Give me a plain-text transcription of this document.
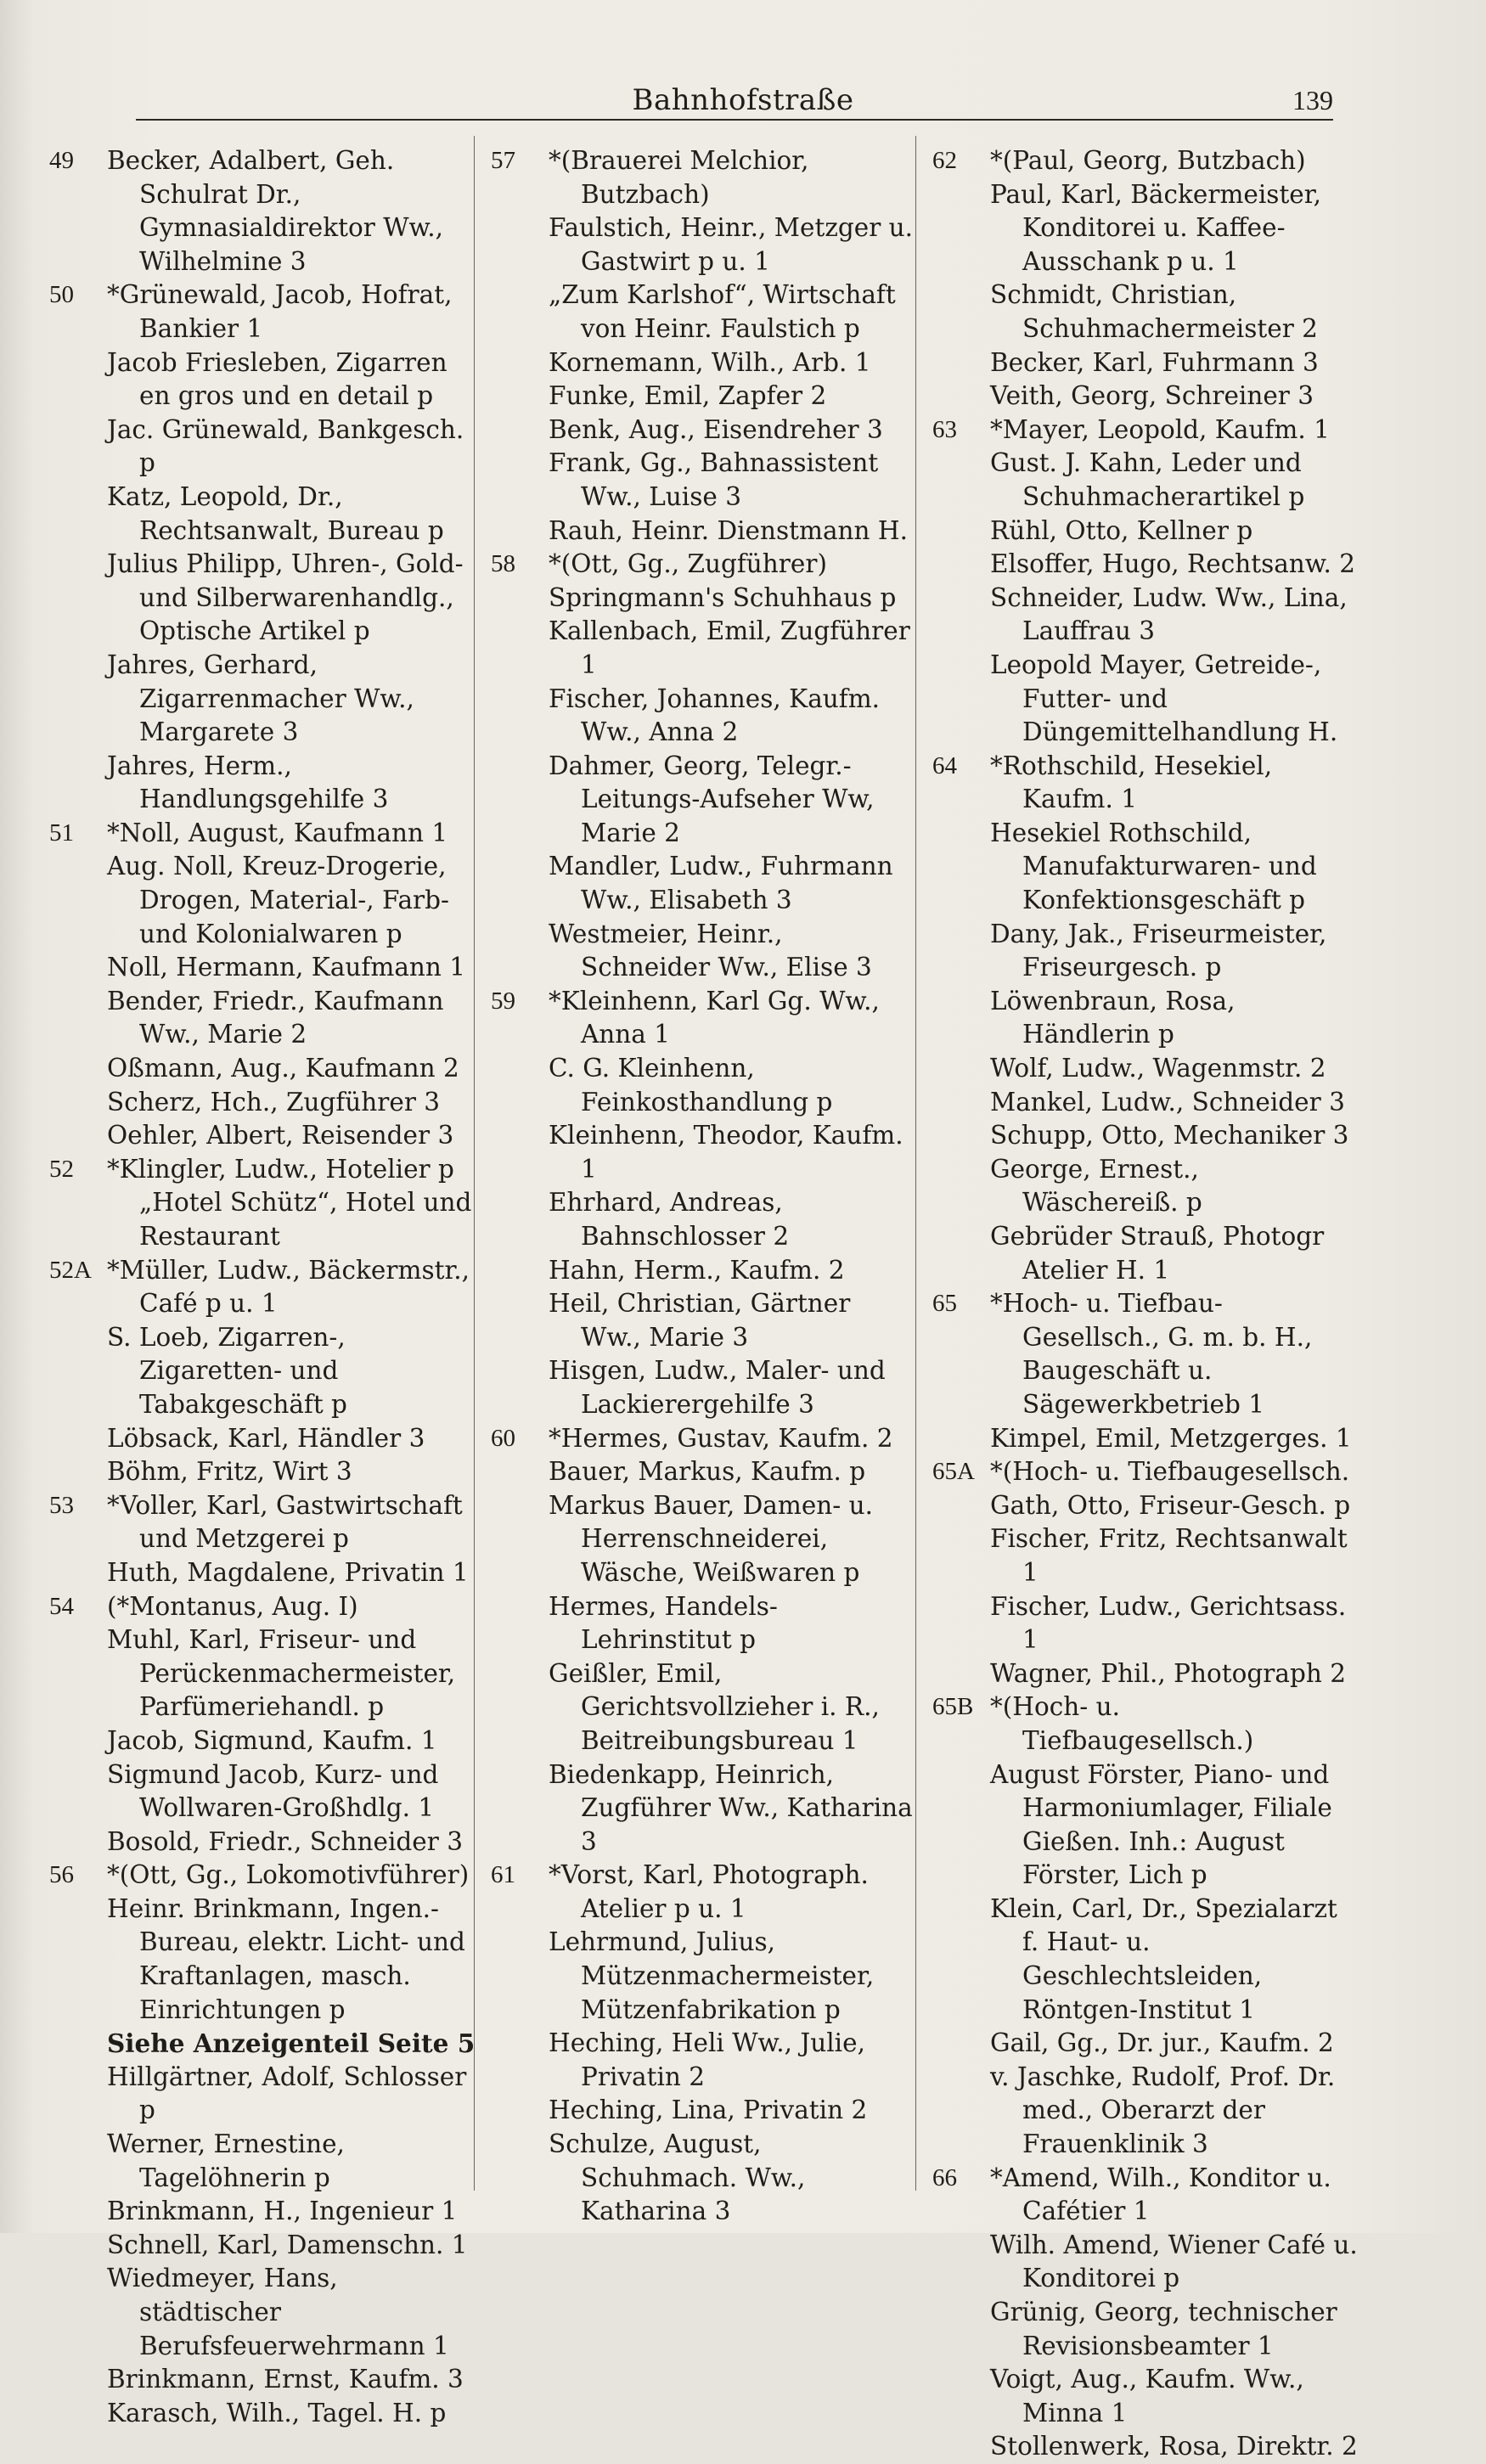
Bahnhofstraße	139

49	Becker, Adalbert, Geh. Schulrat Dr., Gymnasialdirektor Ww., Wilhelmine 3

50	*Grünewald, Jacob, Hofrat, Bankier 1

Jacob Friesleben, Zigarren en gros und en detail p

Jac. Grünewald, Bankgesch. p

Katz, Leopold, Dr., Rechtsanwalt, Bureau p

Julius Philipp, Uhren-, Gold- und Silberwarenhandlg., Optische Artikel p

Jahres, Gerhard, Zigarrenmacher Ww., Margarete 3

Jahres, Herm., Handlungsgehilfe 3

51	*Noll, August, Kaufmann 1

Aug. Noll, Kreuz-Drogerie, Drogen, Material-, Farb- und Kolonialwaren p

Noll, Hermann, Kaufmann 1

Bender, Friedr., Kaufmann Ww., Marie 2

Oßmann, Aug., Kaufmann 2

Scherz, Hch., Zugführer 3

Oehler, Albert, Reisender 3

52	*Klingler, Ludw., Hotelier p „Hotel Schütz“, Hotel und Restaurant

52A *Müller, Ludw., Bäckermstr., Café p u. 1

S. Loeb, Zigarren-, Zigaretten- und Tabakgeschäft p

Löbsack, Karl, Händler 3

Böhm, Fritz, Wirt 3

53	*Voller, Karl, Gastwirtschaft und Metzgerei p

Huth, Magdalene, Privatin 1

54	(*Montanus, Aug. I)

Muhl, Karl, Friseur- und Perückenmachermeister, Parfümeriehandl. p

Jacob, Sigmund, Kaufm. 1

Sigmund Jacob, Kurz- und Wollwaren-Großhdlg. 1

Bosold, Friedr., Schneider 3

56	*(Ott, Gg., Lokomotivführer)

Heinr. Brinkmann, Ingen.-Bureau, elektr. Licht- und Kraftanlagen, masch. Einrichtungen p

Siehe Anzeigenteil Seite 5

Hillgärtner, Adolf, Schlosser p

Werner, Ernestine, Tagelöhnerin p

Brinkmann, H., Ingenieur 1

Schnell, Karl, Damenschn. 1

Wiedmeyer, Hans, städtischer Berufsfeuerwehrmann 1

Brinkmann, Ernst, Kaufm. 3

Karasch, Wilh., Tagel. H. p

57	*(Brauerei Melchior, Butzbach)

Faulstich, Heinr., Metzger u. Gastwirt p u. 1

„Zum Karlshof“, Wirtschaft von Heinr. Faulstich p

Kornemann, Wilh., Arb. 1

Funke, Emil, Zapfer 2

Benk, Aug., Eisendreher 3

Frank, Gg., Bahnassistent Ww., Luise 3

Rauh, Heinr. Dienstmann H.

58	*(Ott, Gg., Zugführer)

Springmann's Schuhhaus p

Kallenbach, Emil, Zugführer 1

Fischer, Johannes, Kaufm. Ww., Anna 2

Dahmer, Georg, Telegr.-Leitungs-Aufseher Ww, Marie 2

Mandler, Ludw., Fuhrmann Ww., Elisabeth 3

Westmeier, Heinr., Schneider Ww., Elise 3

59	*Kleinhenn, Karl Gg. Ww., Anna 1

C. G. Kleinhenn, Feinkosthandlung p

Kleinhenn, Theodor, Kaufm. 1

Ehrhard, Andreas, Bahnschlosser 2

Hahn, Herm., Kaufm. 2

Heil, Christian, Gärtner Ww., Marie 3

Hisgen, Ludw., Maler- und Lackierergehilfe 3

60	*Hermes, Gustav, Kaufm. 2

Bauer, Markus, Kaufm. p

Markus Bauer, Damen- u. Herrenschneiderei, Wäsche, Weißwaren p

Hermes, Handels-Lehrinstitut p

Geißler, Emil, Gerichtsvollzieher i. R., Beitreibungsbureau 1

Biedenkapp, Heinrich, Zugführer Ww., Katharina 3

61	*Vorst, Karl, Photograph. Atelier p u. 1

Lehrmund, Julius, Mützenmachermeister, Mützenfabrikation p

Heching, Heli Ww., Julie, Privatin 2

Heching, Lina, Privatin 2

Schulze, August, Schuhmach. Ww., Katharina 3

62	*(Paul, Georg, Butzbach)

Paul, Karl, Bäckermeister, Konditorei u. Kaffee-Ausschank p u. 1

Schmidt, Christian, Schuhmachermeister 2

Becker, Karl, Fuhrmann 3

Veith, Georg, Schreiner 3

63	*Mayer, Leopold, Kaufm. 1

Gust. J. Kahn, Leder und Schuhmacherartikel p

Rühl, Otto, Kellner p

Elsoffer, Hugo, Rechtsanw. 2

Schneider, Ludw. Ww., Lina, Lauffrau 3

Leopold Mayer, Getreide-, Futter- und Düngemittelhandlung H.

64	*Rothschild, Hesekiel, Kaufm. 1

Hesekiel Rothschild, Manufakturwaren- und Konfektionsgeschäft p

Dany, Jak., Friseurmeister, Friseurgesch. p

Löwenbraun, Rosa, Händlerin p

Wolf, Ludw., Wagenmstr. 2

Mankel, Ludw., Schneider 3

Schupp, Otto, Mechaniker 3

George, Ernest., Wäschereiß. p

Gebrüder Strauß, Photogr Atelier H. 1

65	*Hoch- u. Tiefbau-Gesellsch., G. m. b. H., Baugeschäft u. Sägewerkbetrieb 1

Kimpel, Emil, Metzgerges. 1

65A *(Hoch- u. Tiefbaugesellsch.

Gath, Otto, Friseur-Gesch. p

Fischer, Fritz, Rechtsanwalt 1

Fischer, Ludw., Gerichtsass. 1

Wagner, Phil., Photograph 2

65B *(Hoch- u. Tiefbaugesellsch.)

August Förster, Piano- und Harmoniumlager, Filiale Gießen. Inh.: August Förster, Lich p

Klein, Carl, Dr., Spezialarzt f. Haut- u. Geschlechtsleiden, Röntgen-Institut 1

Gail, Gg., Dr. jur., Kaufm. 2

v. Jaschke, Rudolf, Prof. Dr. med., Oberarzt der Frauenklinik 3

66	*Amend, Wilh., Konditor u. Cafétier 1

Wilh. Amend, Wiener Café u. Konditorei p

Grünig, Georg, technischer Revisionsbeamter 1

Voigt, Aug., Kaufm. Ww., Minna 1

Stollenwerk, Rosa, Direktr. 2
